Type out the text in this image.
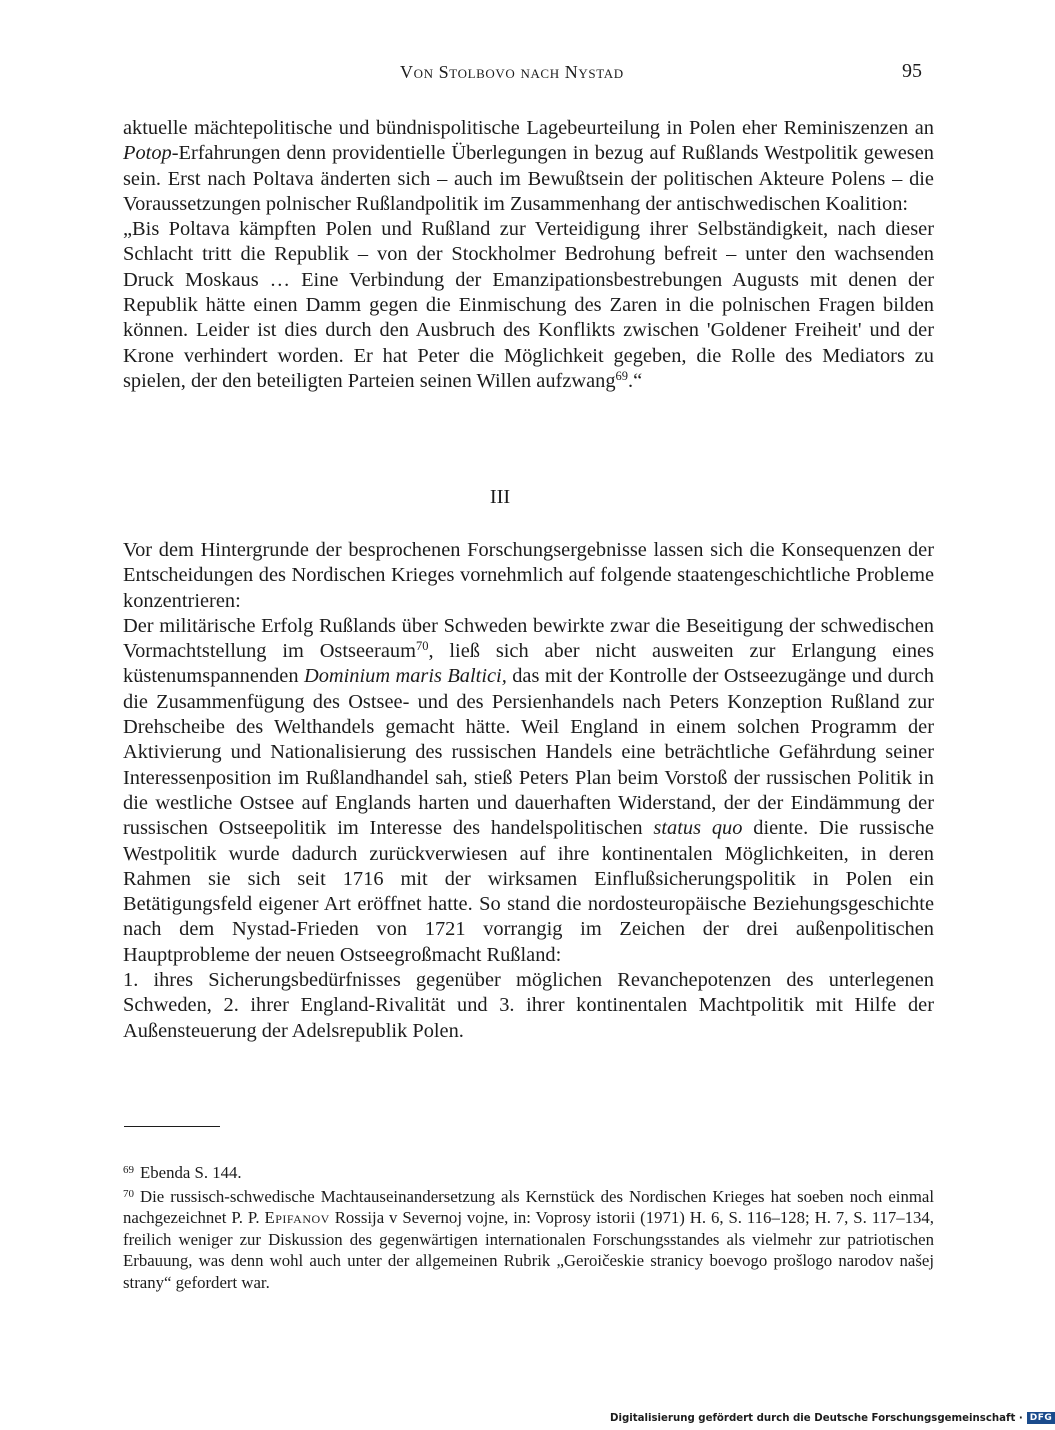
Von Stolbovo nach Nystad	95

aktuelle mächtepolitische und bündnispolitische Lagebeurteilung in Polen eher Reminiszenzen an Potop-Erfahrungen denn providentielle Überlegungen in bezug auf Rußlands Westpolitik gewesen sein. Erst nach Poltava änderten sich – auch im Bewußtsein der politischen Akteure Polens – die Voraussetzungen polnischer Rußlandpolitik im Zusammenhang der antischwedischen Koalition:

„Bis Poltava kämpften Polen und Rußland zur Verteidigung ihrer Selbständigkeit, nach dieser Schlacht tritt die Republik – von der Stockholmer Bedrohung befreit – unter den wachsenden Druck Moskaus … Eine Verbindung der Emanzipationsbestrebungen Augusts mit denen der Republik hätte einen Damm gegen die Einmischung des Zaren in die polnischen Fragen bilden können. Leider ist dies durch den Ausbruch des Konflikts zwischen 'Goldener Freiheit' und der Krone verhindert worden. Er hat Peter die Möglichkeit gegeben, die Rolle des Mediators zu spielen, der den beteiligten Parteien seinen Willen aufzwang$^{69}$.“

III

Vor dem Hintergrunde der besprochenen Forschungsergebnisse lassen sich die Konsequenzen der Entscheidungen des Nordischen Krieges vornehmlich auf folgende staatengeschichtliche Probleme konzentrieren:

Der militärische Erfolg Rußlands über Schweden bewirkte zwar die Beseitigung der schwedischen Vormachtstellung im Ostseeraum$^{70}$, ließ sich aber nicht ausweiten zur Erlangung eines küstenumspannenden Dominium maris Baltici, das mit der Kontrolle der Ostseezugänge und durch die Zusammenfügung des Ostsee- und des Persienhandels nach Peters Konzeption Rußland zur Drehscheibe des Welthandels gemacht hätte. Weil England in einem solchen Programm der Aktivierung und Nationalisierung des russischen Handels eine beträchtliche Gefährdung seiner Interessenposition im Rußlandhandel sah, stieß Peters Plan beim Vorstoß der russischen Politik in die westliche Ostsee auf Englands harten und dauerhaften Widerstand, der der Eindämmung der russischen Ostseepolitik im Interesse des handelspolitischen status quo diente. Die russische Westpolitik wurde dadurch zurückverwiesen auf ihre kontinentalen Möglichkeiten, in deren Rahmen sie sich seit 1716 mit der wirksamen Einflußsicherungspolitik in Polen ein Betätigungsfeld eigener Art eröffnet hatte. So stand die nordosteuropäische Beziehungsgeschichte nach dem Nystad-Frieden von 1721 vorrangig im Zeichen der drei außenpolitischen Hauptprobleme der neuen Ostseegroßmacht Rußland:

1. ihres Sicherungsbedürfnisses gegenüber möglichen Revanchepotenzen des unterlegenen Schweden, 2. ihrer England-Rivalität und 3. ihrer kontinentalen Machtpolitik mit Hilfe der Außensteuerung der Adelsrepublik Polen.

$^{69}$ Ebenda S. 144.

$^{70}$ Die russisch-schwedische Machtauseinandersetzung als Kernstück des Nordischen Krieges hat soeben noch einmal nachgezeichnet P. P. Epifanov Rossija v Severnoj vojne, in: Voprosy istorii (1971) H. 6, S. 116–128; H. 7, S. 117–134, freilich weniger zur Diskussion des gegenwärtigen internationalen Forschungsstandes als vielmehr zur patriotischen Erbauung, was denn wohl auch unter der allgemeinen Rubrik „Geroičeskie stranicy boevogo prošlogo narodov našej strany“ gefordert war.

Digitalisierung gefördert durch die Deutsche Forschungsgemeinschaft · DFG
